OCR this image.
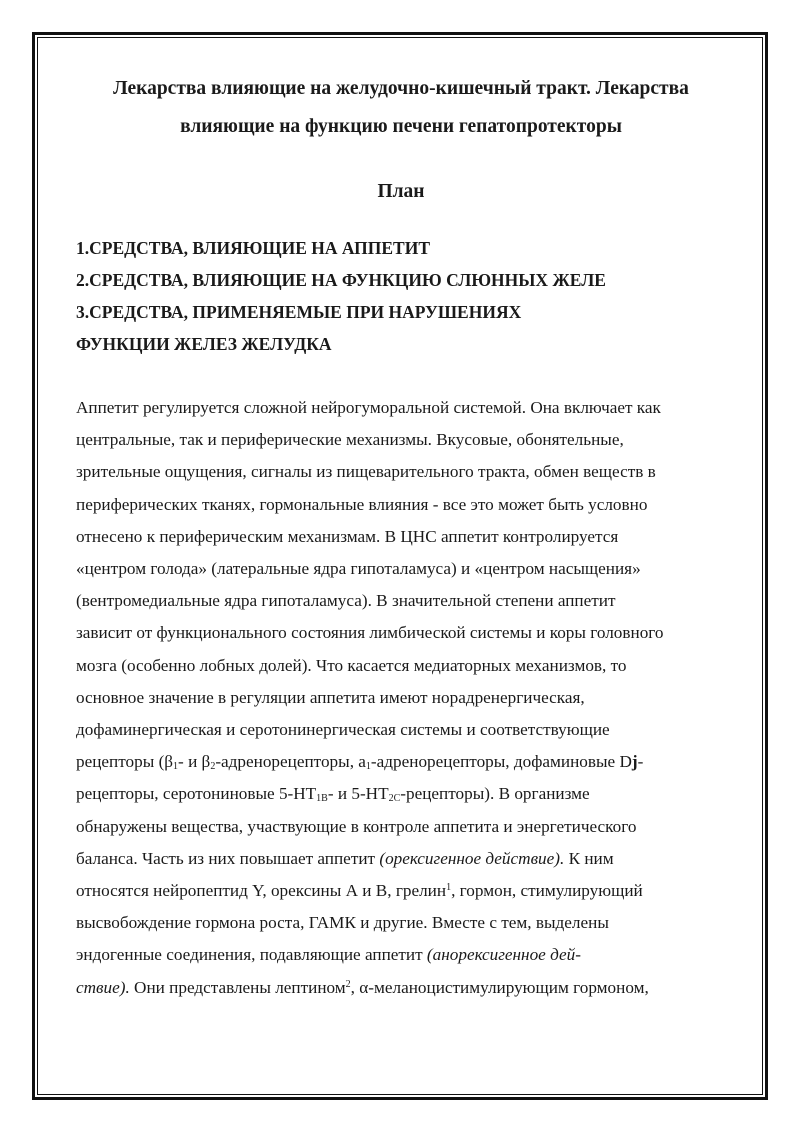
Лекарства влияющие на желудочно-кишечный тракт. Лекарства
влияющие на функцию печени гепатопротекторы
План
1.СРЕДСТВА, ВЛИЯЮЩИЕ НА АППЕТИТ
2.СРЕДСТВА, ВЛИЯЮЩИЕ НА ФУНКЦИЮ СЛЮННЫХ ЖЕЛЕ
3.СРЕДСТВА, ПРИМЕНЯЕМЫЕ ПРИ НАРУШЕНИЯХ
ФУНКЦИИ ЖЕЛЕЗ ЖЕЛУДКА
Аппетит регулируется сложной нейрогуморальной системой. Она включает как
центральные, так и периферические механизмы. Вкусовые, обонятельные,
зрительные ощущения, сигналы из пищеварительного тракта, обмен веществ в
периферических тканях, гормональные влияния - все это может быть условно
отнесено к периферическим механизмам. В ЦНС аппетит контролируется
«центром голода» (латеральные ядра гипоталамуса) и «центром насыщения»
(вентромедиальные ядра гипоталамуса). В значительной степени аппетит
зависит от функционального состояния лимбической системы и коры головного
мозга (особенно лобных долей). Что касается медиаторных механизмов, то
основное значение в регуляции аппетита имеют норадренергическая,
дофаминергическая и серотонинергическая системы и соответствующие
рецепторы ($\beta_1-$ и $\beta_2$-адренорецепторы, $a_1$-адренорецепторы, дофаминовые Dj-
рецепторы, серотониновые $5-НТ_{1В}-$ и $5-НТ_{2С}-рецепторы$). В организме
обнаружены вещества, участвующие в контроле аппетита и энергетического
баланса. Часть из них повышает аппетит (орексигенное действие). К ним
относятся нейропептид Y, орексины А и В, грелин$^1$, гормон, стимулирующий
высвобождение гормона роста, ГАМК и другие. Вместе с тем, выделены
эндогенные соединения, подавляющие аппетит (анорексигенное дей-
ствие). Они представлены лептином$^2$, α-меланоцистимулирующим гормоном,
